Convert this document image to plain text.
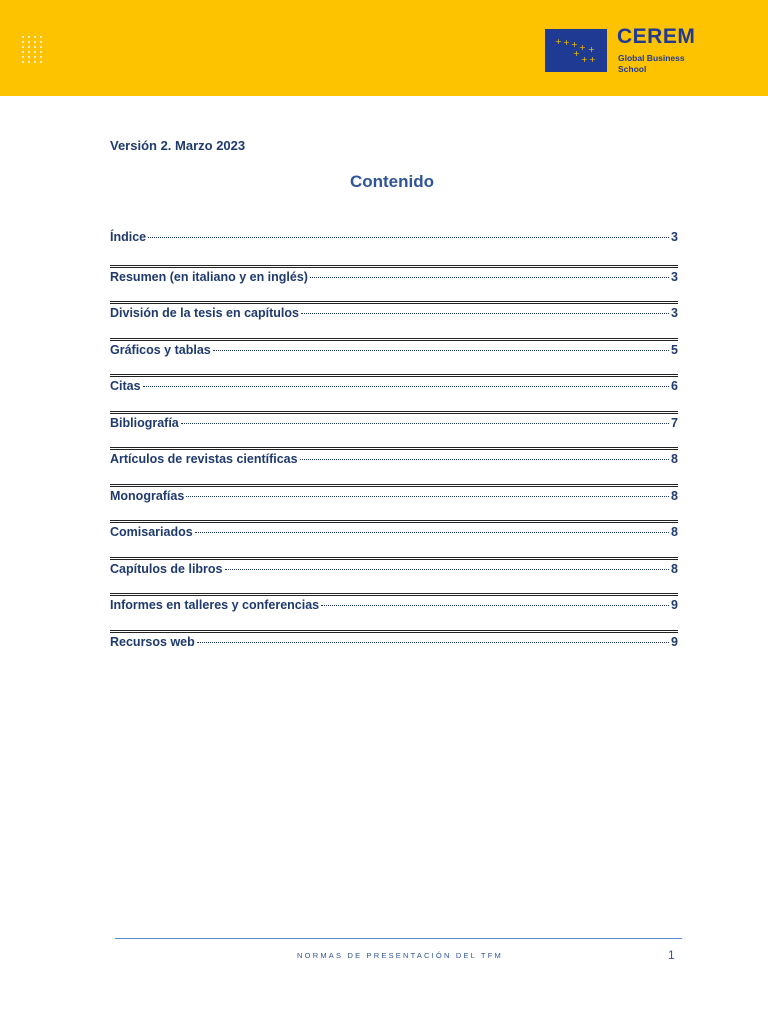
+ + + + +
+
+ +

CEREM

Global Business School

Versión 2. Marzo 2023

Contenido
Índice	3
Resumen (en italiano y en inglés)	3
División de la tesis en capítulos	3
Gráficos y tablas	5
Citas	6
Bibliografía	7
Artículos de revistas científicas	8
Monografías	8
Comisariados	8
Capítulos de libros	8
Informes en talleres y conferencias	9
Recursos web	9

NORMAS DE PRESENTACIÓN DEL TFM	1
